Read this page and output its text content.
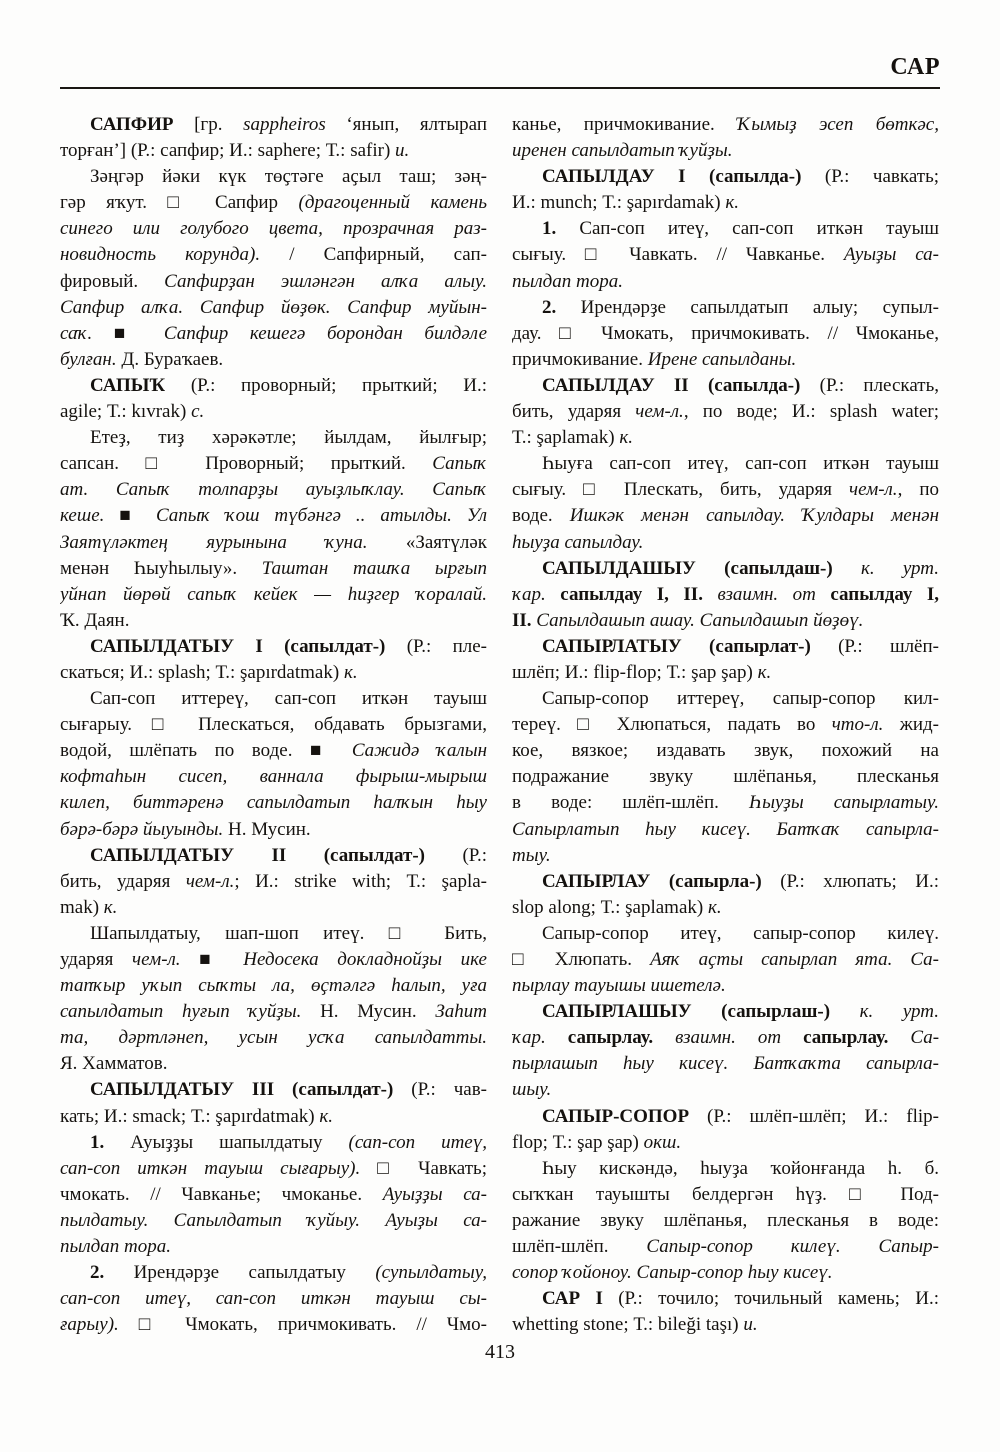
САР
САПФИР [гр. sappheiros ‘янып, ялтырап
торған’] (Р.: сапфир; И.: saphere; Т.: safir) и.
Зәңгәр йәки күк төҫтәге аҫыл таш; зәң-
гәр яҡут. □ Сапфир (драгоценный камень
синего или голубого цвета, прозрачная раз-
новидность корунда). / Сапфирный, сап-
фировый. Сапфирҙан эшләнгән алҡа алыу.
Сапфир алҡа. Сапфир йөҙөк. Сапфир муйын-
саҡ. ■ Сапфир кешегә борондан билдәле
булған. Д. Бураҡаев.
САПЫҠ (Р.: проворный; прыткий; И.:
agile; Т.: kıvrak) с.
Етеҙ, тиҙ хәрәкәтле; йылдам, йылғыр;
сапсан. □ Проворный; прыткий. Сапыҡ
ат. Сапыҡ толпарҙы ауыҙлыҡлау. Сапыҡ
кеше. ■ Сапыҡ ҡош түбәнгә .. атылды. Ул
Заятүләктең яурынына ҡуна. «Заятүләк
менән Һыуһылыу». Таштан ташҡа ырғып
уйнап йөрөй сапыҡ кейек — һиҙгер ҡоралай.
Ҡ. Даян.
САПЫЛДАТЫУ I (сапылдат-) (Р.: пле-
скаться; И.: splash; Т.: şapırdatmak) к.
Сап-соп иттереү, сап-соп иткән тауыш
сығарыу. □ Плескаться, обдавать брызгами,
водой, шлёпать по воде. ■ Сажидә ҡалын
кофтаһын сисеп, ваннала фырыш-мырыш
килеп, биттәренә сапылдатып һалҡын һыу
бәрә-бәрә йыуынды. Н. Мусин.
САПЫЛДАТЫУ II (сапылдат-) (Р.:
бить, ударяя чем-л.; И.: strike with; Т.: şapla-
mak) к.
Шапылдатыу, шап-шоп итеү. □ Бить,
ударяя чем-л. ■ Недосека докладнойҙы ике
тапҡыр уҡып сыҡты ла, өҫтәлгә һалып, уға
сапылдатып һуғып ҡуйҙы. Н. Мусин. Заһит
та, дәртләнеп, усын усҡа сапылдатты.
Я. Хамматов.
САПЫЛДАТЫУ III (сапылдат-) (Р.: чав-
кать; И.: smack; Т.: şapırdatmak) к.
1. Ауыҙҙы шапылдатыу (сап-соп итеү,
сап-соп иткән тауыш сығарыу). □ Чавкать;
чмокать. // Чавканье; чмоканье. Ауыҙҙы са-
пылдатыу. Сапылдатып ҡуйыу. Ауыҙы са-
пылдап тора.
2. Ирендәрҙе сапылдатыу (супылдатыу,
сап-соп итеү, сап-соп иткән тауыш сы-
ғарыу). □ Чмокать, причмокивать. // Чмо-
канье, причмокивание. Ҡымыҙ эсеп бөткәс,
иренен сапылдатып ҡуйҙы.
САПЫЛДАУ I (сапылда-) (Р.: чавкать;
И.: munch; Т.: şapırdamak) к.
1. Сап-соп итеү, сап-соп иткән тауыш
сығыу. □ Чавкать. // Чавканье. Ауыҙы са-
пылдап тора.
2. Ирендәрҙе сапылдатып алыу; супыл-
дау. □ Чмокать, причмокивать. // Чмоканье,
причмокивание. Ирене сапылданы.
САПЫЛДАУ II (сапылда-) (Р.: плескать,
бить, ударяя чем-л., по воде; И.: splash water;
Т.: şaplamak) к.
Һыуға сап-соп итеү, сап-соп иткән тауыш
сығыу. □ Плескать, бить, ударяя чем-л., по
воде. Ишкәк менән сапылдау. Ҡулдары менән
һыуҙа сапылдау.
САПЫЛДАШЫУ (сапылдаш-) к. урт.
ҡар. сапылдау I, II. взаимн. от сапылдау I,
II. Сапылдашып ашау. Сапылдашып йөҙөү.
САПЫРЛАТЫУ (сапырлат-) (Р.: шлёп-
шлёп; И.: flip-flop; Т.: şap şap) к.
Сапыр-сопор иттереү, сапыр-сопор кил-
тереү. □ Хлюпаться, падать во что-л. жид-
кое, вязкое; издавать звук, похожий на
подражание звуку шлёпанья, плесканья
в воде: шлёп-шлёп. Һыуҙы сапырлатыу.
Сапырлатып һыу кисеү. Батҡаҡ сапырла-
тыу.
САПЫРЛАУ (сапырла-) (Р.: хлюпать; И.:
slop along; Т.: şaplamak) к.
Сапыр-сопор итеү, сапыр-сопор килеү.
□ Хлюпать. Аяҡ аҫты сапырлап ята. Са-
пырлау тауышы ишетелә.
САПЫРЛАШЫУ (сапырлаш-) к. урт.
ҡар. сапырлау. взаимн. от сапырлау. Са-
пырлашып һыу кисеү. Батҡаҡта сапырла-
шыу.
САПЫР-СОПОР (Р.: шлёп-шлёп; И.: flip-
flop; Т.: şap şap) окш.
Һыу кискәндә, һыуҙа ҡойонғанда һ. б.
сыҡҡан тауышты белдергән һүҙ. □ Под-
ражание звуку шлёпанья, плесканья в воде:
шлёп-шлёп. Сапыр-сопор килеү. Сапыр-
сопор ҡойоноу. Сапыр-сопор һыу кисеү.
САР I (Р.: точило; точильный камень; И.:
whetting stone; Т.: bileği taşı) и.
413
